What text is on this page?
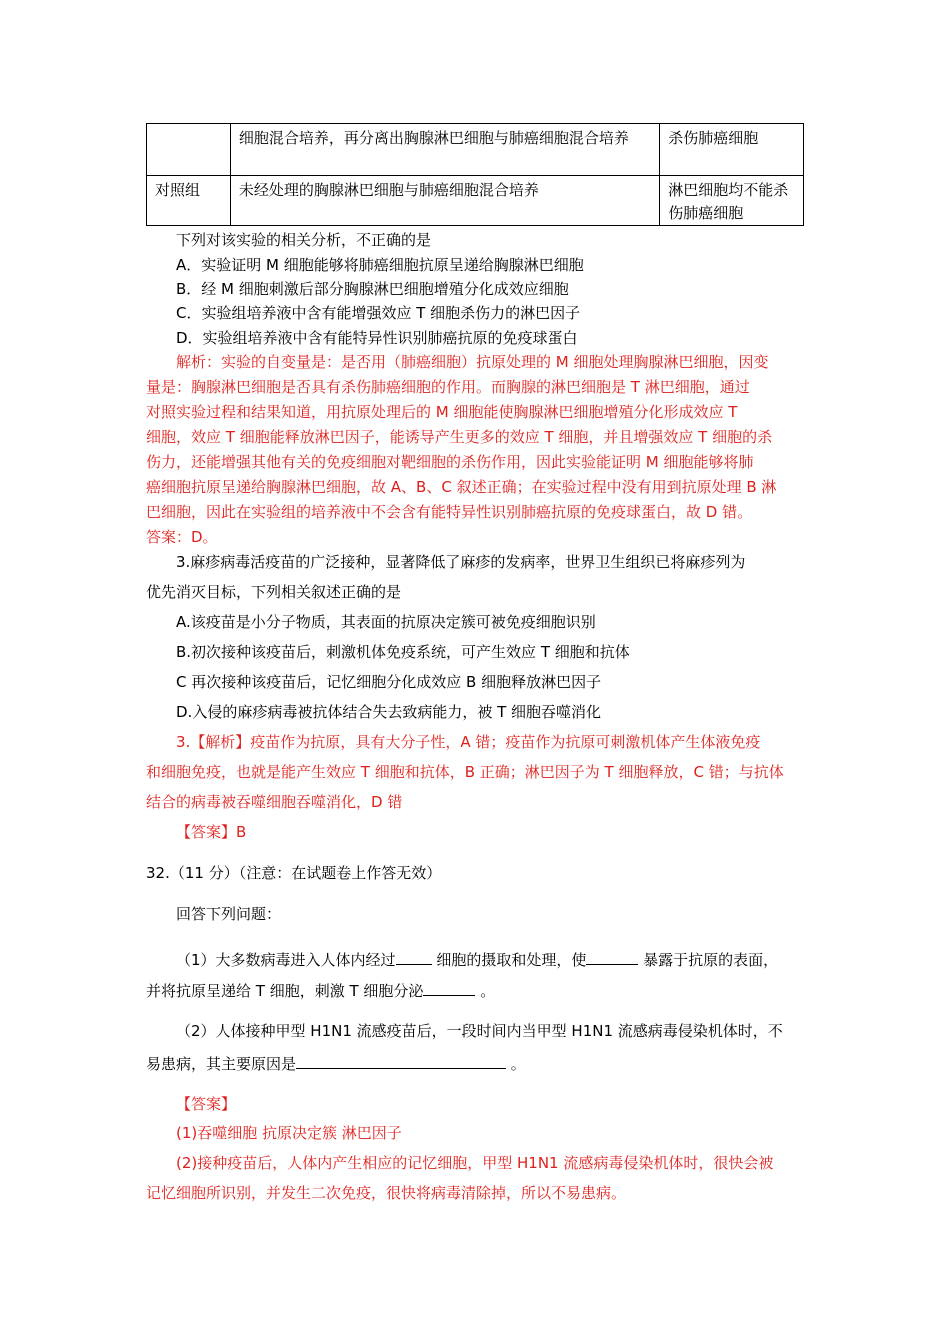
	细胞混合培养，再分离出胸腺淋巴细胞与肺癌细胞混合培养	杀伤肺癌细胞
对照组	未经处理的胸腺淋巴细胞与肺癌细胞混合培养	淋巴细胞均不能杀伤肺癌细胞
下列对该实验的相关分析，不正确的是
A．实验证明 M 细胞能够将肺癌细胞抗原呈递给胸腺淋巴细胞
B．经 M 细胞刺激后部分胸腺淋巴细胞增殖分化成效应细胞
C．实验组培养液中含有能增强效应 T 细胞杀伤力的淋巴因子
D．实验组培养液中含有能特异性识别肺癌抗原的免疫球蛋白
解析：实验的自变量是：是否用（肺癌细胞）抗原处理的 M 细胞处理胸腺淋巴细胞，因变
量是：胸腺淋巴细胞是否具有杀伤肺癌细胞的作用。而胸腺的淋巴细胞是 T 淋巴细胞，通过
对照实验过程和结果知道，用抗原处理后的 M 细胞能使胸腺淋巴细胞增殖分化形成效应 T
细胞，效应 T 细胞能释放淋巴因子，能诱导产生更多的效应 T 细胞，并且增强效应 T 细胞的杀
伤力，还能增强其他有关的免疫细胞对靶细胞的杀伤作用，因此实验能证明 M 细胞能够将肺
癌细胞抗原呈递给胸腺淋巴细胞，故 A、B、C 叙述正确；在实验过程中没有用到抗原处理 B 淋
巴细胞，因此在实验组的培养液中不会含有能特异性识别肺癌抗原的免疫球蛋白，故 D 错。
答案：D。
3.麻疹病毒活疫苗的广泛接种，显著降低了麻疹的发病率，世界卫生组织已将麻疹列为
优先消灭目标，下列相关叙述正确的是
A.该疫苗是小分子物质，其表面的抗原决定簇可被免疫细胞识别
B.初次接种该疫苗后，刺激机体免疫系统，可产生效应 T 细胞和抗体
C 再次接种该疫苗后，记忆细胞分化成效应 B 细胞释放淋巴因子
D.入侵的麻疹病毒被抗体结合失去致病能力，被 T 细胞吞噬消化
3.【解析】疫苗作为抗原，具有大分子性，A 错；疫苗作为抗原可刺激机体产生体液免疫
和细胞免疫，也就是能产生效应 T 细胞和抗体，B 正确；淋巴因子为 T 细胞释放，C 错；与抗体
结合的病毒被吞噬细胞吞噬消化，D 错
【答案】B
32.（11 分）（注意：在试题卷上作答无效）
回答下列问题：
（1）大多数病毒进入人体内经过	细胞的摄取和处理，使	暴露于抗原的表面，
并将抗原呈递给 T 细胞，刺激 T 细胞分泌	。
（2）人体接种甲型 H1N1 流感疫苗后，一段时间内当甲型 H1N1 流感病毒侵染机体时，不
易患病，其主要原因是	。
【答案】
(1)吞噬细胞 抗原决定簇 淋巴因子
(2)接种疫苗后，人体内产生相应的记忆细胞，甲型 H1N1 流感病毒侵染机体时，很快会被
记忆细胞所识别，并发生二次免疫，很快将病毒清除掉，所以不易患病。
